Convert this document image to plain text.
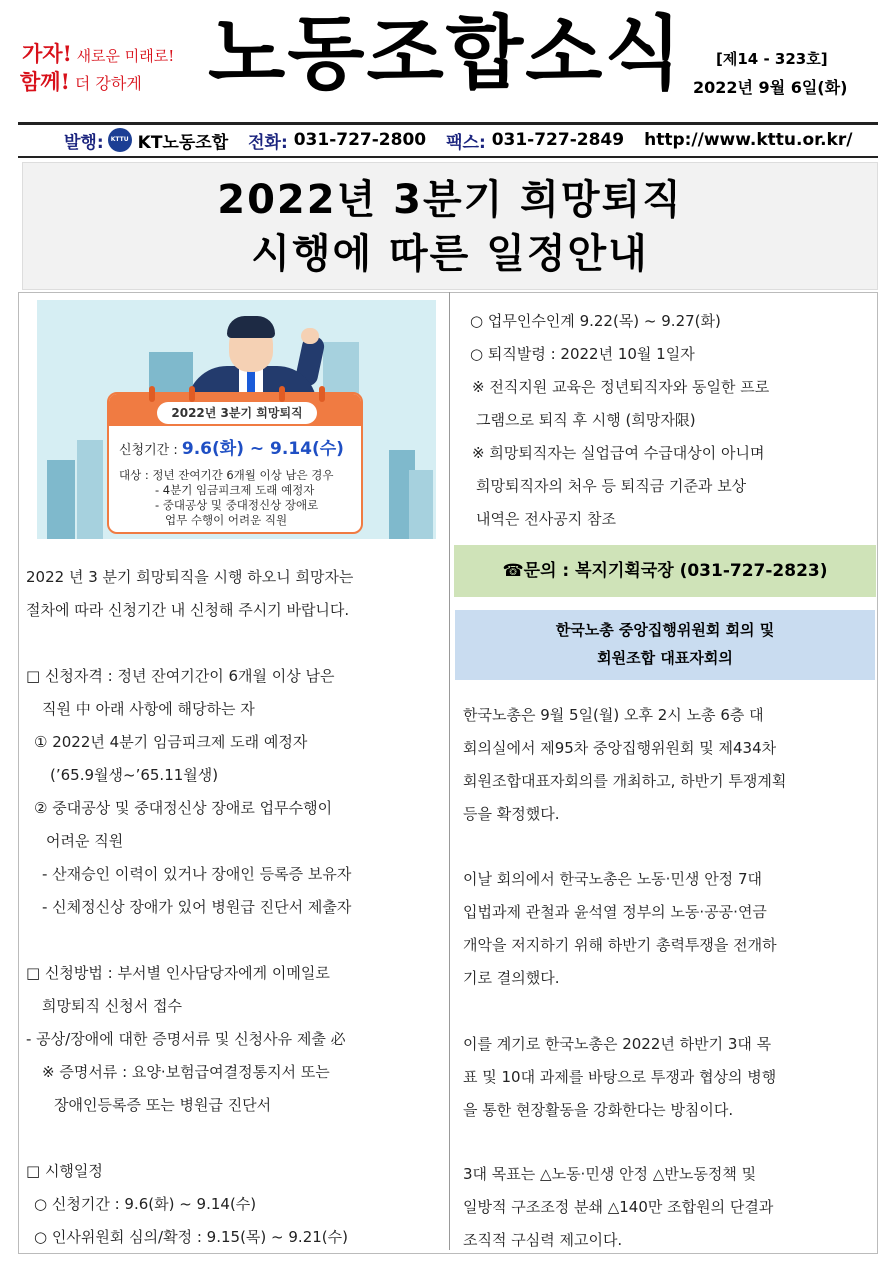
가자! 새로운 미래로!
함께! 더 강하게 노동조합소식 [제14 - 323호]
2022년 9월 6일(화)
발행:	KTTU KT노동조합 전화:
031-727-2800 팩스:
031-727-2849 http://www.kttu.or.kr/
2022년 3분기 희망퇴직
시행에 따른 일정안내
2022년 3분기 희망퇴직
신청기간 : 9.6(화) ~ 9.14(수)
대상 : 정년 잔여기간 6개월 이상 남은 경우
- 4분기 임금피크제 도래 예정자
- 중대공상 및 중대정신상 장애로
업무 수행이 어려운 직원
2022 년 3 분기 희망퇴직을 시행 하오니 희망자는
절차에 따라 신청기간 내 신청해 주시기 바랍니다.
□ 신청자격 : 정년 잔여기간이 6개월 이상 남은
직원 中 아래 사항에 해당하는 자
① 2022년 4분기 임금피크제 도래 예정자
(’65.9월생~’65.11월생)
② 중대공상 및 중대정신상 장애로 업무수행이
어려운 직원
- 산재승인 이력이 있거나 장애인 등록증 보유자
- 신체정신상 장애가 있어 병원급 진단서 제출자
□ 신청방법 : 부서별 인사담당자에게 이메일로
희망퇴직 신청서 접수
- 공상/장애에 대한 증명서류 및 신청사유 제출 必
※ 증명서류 : 요양·보험급여결정통지서 또는
장애인등록증 또는 병원급 진단서
□ 시행일정
○ 신청기간 : 9.6(화) ~ 9.14(수)
○ 인사위원회 심의/확정 : 9.15(목) ~ 9.21(수)
○ 업무인수인계 9.22(목) ~ 9.27(화)
○ 퇴직발령 : 2022년 10월 1일자
※ 전직지원 교육은 정년퇴직자와 동일한 프로
그램으로 퇴직 후 시행 (희망자限)
※ 희망퇴직자는 실업급여 수급대상이 아니며
희망퇴직자의 처우 등 퇴직금 기준과 보상
내역은 전사공지 참조
☎문의 : 복지기획국장 (031-727-2823)
한국노총 중앙집행위원회 회의 및
회원조합 대표자회의
한국노총은 9월 5일(월) 오후 2시 노총 6층 대
회의실에서 제95차 중앙집행위원회 및 제434차
회원조합대표자회의를 개최하고, 하반기 투쟁계획
등을 확정했다.
이날 회의에서 한국노총은 노동·민생 안정 7대
입법과제 관철과 윤석열 정부의 노동·공공·연금
개악을 저지하기 위해 하반기 총력투쟁을 전개하
기로 결의했다.
이를 계기로 한국노총은 2022년 하반기 3대 목
표 및 10대 과제를 바탕으로 투쟁과 협상의 병행
을 통한 현장활동을 강화한다는 방침이다.
3대 목표는 △노동·민생 안정 △반노동정책 및
일방적 구조조정 분쇄 △140만 조합원의 단결과
조직적 구심력 제고이다.
